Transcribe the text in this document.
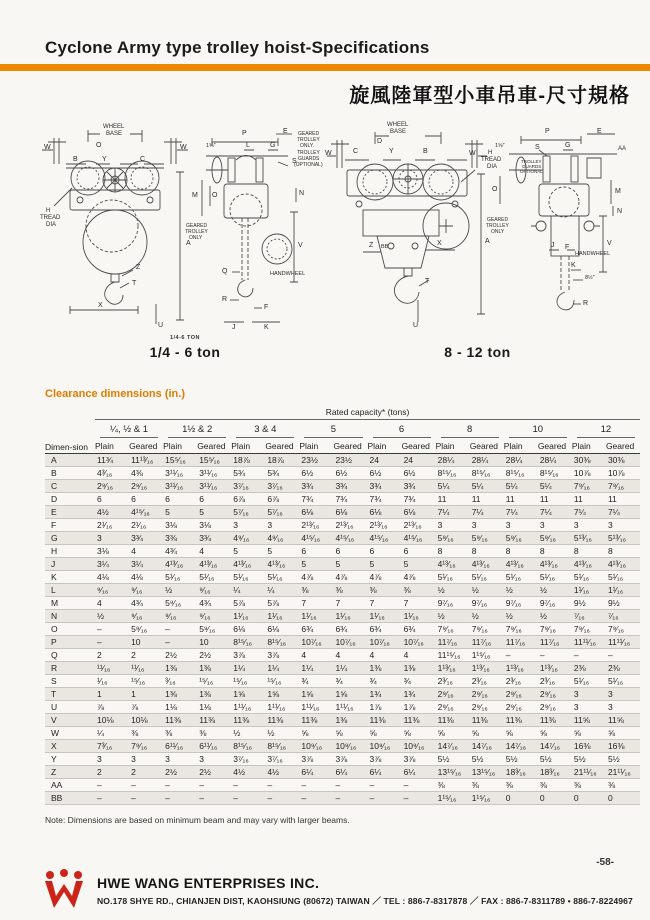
Cyclone Army type trolley hoist-Specifications
旋風陸軍型小車吊車-尺寸規格
W	O
WHEEL
BASE
W
B	Y	C
H
TREAD
DIA
A
Z
T
X
U
1¾″
P	E
L	G
S
GEARED
TROLLEY
ONLY.
TROLLEY
GUARDS
(OPTIONAL)
M O	N
GEARED
TROLLEY
ONLY
V
Q	HANDWHEEL
R
F
J	K
W	C
D
WHEEL
BASE
Y	B	W H
TREAD
DIA
Z BB	X	A
T
U
1⅝″
P	E
S	G	AA
TROLLEY
GUARDS
OPTIONAL
O	M
N
GEARED
TROLLEY
ONLY
V
J F
HANDWHEEL
K
8½″
R
1/4-6 TON
1/4 - 6 ton	8 - 12 ton
Clearance dimensions (in.)
Dimen-sion	Rated capacity* (tons)															

	¼, ½ & 1		1½ & 2		3 & 4		5		6		8		10		12	

	Plain	Geared	Plain	Geared	Plain	Geared	Plain	Geared	Plain	Geared	Plain	Geared	Plain	Geared	Plain	Geared
A	11¾	11¹³⁄₁₆	15⁵⁄₁₆	15⁵⁄₁₆	18⅞	18⅞	23½	23½	24	24	28¼	28¼	28¼	28¼	30⅜	30⅜
B	4³⁄₁₆	4⅜	3¹¹⁄₁₆	3¹¹⁄₁₆	5¾	5¾	6½	6½	6½	6½	8¹⁵⁄₁₆	8¹⁵⁄₁₆	8¹⁵⁄₁₆	8¹⁵⁄₁₆	10⅞	10⅞
C	2⁹⁄₁₆	2⁹⁄₁₆	3¹¹⁄₁₆	3¹¹⁄₁₆	3⁷⁄₁₆	3⁷⁄₁₆	3¾	3¾	3¾	3¾	5¼	5¼	5¼	5¼	7⁹⁄₁₆	7⁹⁄₁₆
D	6	6	6	6	6⅞	6⅞	7¾	7¾	7¾	7¾	11	11	11	11	11	11
E	4½	4¹⁵⁄₁₆	5	5	5⁷⁄₁₆	5⁷⁄₁₆	6⅛	6⅛	6⅛	6⅛	7¼	7¼	7¼	7¼	7¼	7¼
F	2¹⁄₁₆	2¹⁄₁₆	3⅛	3⅛	3	3	2¹³⁄₁₆	2¹³⁄₁₆	2¹³⁄₁₆	2¹³⁄₁₆	3	3	3	3	3	3
G	3	3¾	3⅜	3¾	4⁹⁄₁₆	4⁹⁄₁₆	4¹⁵⁄₁₆	4¹⁵⁄₁₆	4¹⁵⁄₁₆	4¹⁵⁄₁₆	5⁹⁄₁₆	5⁹⁄₁₆	5⁹⁄₁₆	5⁹⁄₁₆	5¹³⁄₁₆	5¹³⁄₁₆
H	3⅛	4	4¾	4	5	5	6	6	6	6	8	8	8	8	8	8
J	3¼	3¼	4¹³⁄₁₆	4¹³⁄₁₆	4¹³⁄₁₆	4¹³⁄₁₆	5	5	5	5	4¹³⁄₁₆	4¹³⁄₁₆	4¹³⁄₁₆	4¹³⁄₁₆	4¹³⁄₁₆	4¹³⁄₁₆
K	4⅛	4⅛	5¹⁄₁₆	5¹⁄₁₆	5¹⁄₁₆	5¹⁄₁₆	4⅞	4⅞	4⅞	4⅞	5¹⁄₁₆	5¹⁄₁₆	5¹⁄₁₆	5¹⁄₁₆	5¹⁄₁₆	5¹⁄₁₆
L	⁹⁄₁₆	⁹⁄₁₆	½	⁹⁄₁₆	¼	¼	⅜	⅜	⅜	⅜	½	½	½	½	1¹⁄₁₆	1¹⁄₁₆
M	4	4¾	5⁹⁄₁₆	4¾	5⅞	5⅞	7	7	7	7	9⁷⁄₁₆	9⁷⁄₁₆	9⁷⁄₁₆	9⁷⁄₁₆	9½	9½
N	½	⁹⁄₁₆	⁹⁄₁₆	⁹⁄₁₆	1¹⁄₁₆	1¹⁄₁₆	1¹⁄₁₆	1¹⁄₁₆	1¹⁄₁₆	1¹⁄₁₆	½	½	½	½	⁷⁄₁₆	⁷⁄₁₆
O	–	5⁹⁄₁₆	–	5⁹⁄₁₆	6⅛	6⅛	6¾	6¾	6¾	6¾	7⁹⁄₁₆	7⁹⁄₁₆	7⁹⁄₁₆	7⁹⁄₁₆	7⁹⁄₁₆	7⁹⁄₁₆
P	–	10	–	10	8¹⁵⁄₁₆	8¹⁵⁄₁₆	10⁷⁄₁₆	10⁷⁄₁₆	10⁷⁄₁₆	10⁷⁄₁₆	11⁷⁄₁₆	11⁷⁄₁₆	11⁷⁄₁₆	11⁷⁄₁₆	11¹¹⁄₁₆	11¹¹⁄₁₆
Q	2	2	2½	2½	3⅞	3⅞	4	4	4	4	11¹⁵⁄₁₆	1¹⁵⁄₁₆	–	–	–	–
R	¹¹⁄₁₆	¹¹⁄₁₆	1⅜	1⅜	1¼	1¼	1¼	1¼	1⅜	1⅜	1¹³⁄₁₆	1¹³⁄₁₆	1¹³⁄₁₆	1¹³⁄₁₆	2⅜	2⅜
S	¹⁄₁₆	¹⁵⁄₁₆	³⁄₁₆	¹⁵⁄₁₆	¹⁵⁄₁₆	¹⁵⁄₁₆	¾	¾	¾	¾	2³⁄₁₆	2³⁄₁₆	2³⁄₁₆	2³⁄₁₆	5¹⁄₁₆	5¹⁄₁₆
T	1	1	1⅜	1⅜	1⅝	1⅝	1⅝	1⅝	1¾	1¾	2⁹⁄₁₆	2⁹⁄₁₆	2⁹⁄₁₆	2⁹⁄₁₆	3	3
U	⅞	⅞	1⅛	1⅛	1¹¹⁄₁₆	1¹¹⁄₁₆	1¹¹⁄₁₆	1¹¹⁄₁₆	1⅞	1⅞	2⁹⁄₁₆	2⁹⁄₁₆	2⁹⁄₁₆	2⁹⁄₁₆	3	3
V	10⅛	10⅛	11⅜	11⅜	11⅜	11⅜	11⅜	1⅜	11⅜	11⅜	11⅜	11⅜	11⅜	11⅜	11⅝	11⅝
W	¼	⅜	⅜	⅜	½	½	⅝	⅝	⅝	⅝	⅝	⅝	⅝	⅝	⅝	⅝
X	7³⁄₁₆	7⁹⁄₁₆	6¹¹⁄₁₆	6¹¹⁄₁₆	8¹⁵⁄₁₆	8¹⁵⁄₁₆	10⁹⁄₁₆	10⁹⁄₁₆	10⁹⁄₁₆	10⁹⁄₁₆	14⁷⁄₁₆	14⁷⁄₁₆	14⁷⁄₁₆	14⁷⁄₁₆	16⅜	16⅜
Y	3	3	3	3	3⁷⁄₁₆	3⁷⁄₁₆	3⅞	3⅞	3⅞	3⅞	5½	5½	5½	5½	5½	5½
Z	2	2	2½	2½	4½	4½	6¼	6¼	6¼	6¼	13¹⁵⁄₁₆	13¹⁵⁄₁₆	18³⁄₁₆	18³⁄₁₆	21¹¹⁄₁₆	21¹¹⁄₁₆
AA	–	–	–	–	–	–	–	–	–	–	⅜	⅜	⅜	⅜	⅜	⅜
BB	–	–	–	–	–	–	–	–	–	–	1¹⁵⁄₁₆	1¹⁵⁄₁₆	0	0	0	0
Note: Dimensions are based on minimum beam and may vary with larger beams.
-58-
HWE WANG ENTERPRISES INC.
NO.178 SHYE RD., CHIANJEN DIST, KAOHSIUNG (80672) TAIWAN ／ TEL : 886-7-8317878 ／ FAX : 886-7-8311789 • 886-7-8224967
